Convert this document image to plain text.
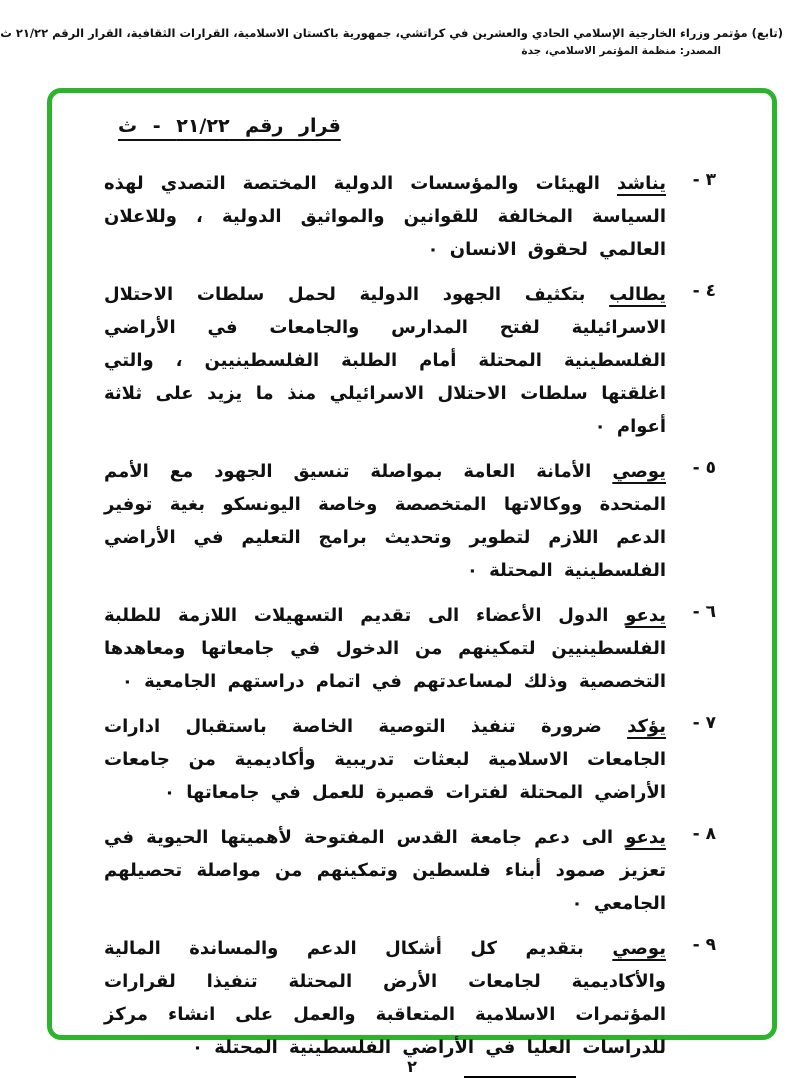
(تابع) مؤتمر وزراء الخارجية الإسلامي الحادي والعشرين في كراتشي، جمهورية باكستان الاسلامية، القرارات الثقافية، القرار الرقم ٢١/٢٢ ث
المصدر: منظمة المؤتمر الاسلامي، جدة
قرار رقم ٢١/٢٢ - ث
٣ -
يناشد الهيئات والمؤسسات الدولية المختصة التصدي لهذه السياسة المخالفة للقوانين والمواثيق الدولية ، وللاعلان العالمي لحقوق الانسان ٠
٤ -
يطالب بتكثيف الجهود الدولية لحمل سلطات الاحتلال الاسرائيلية لفتح المدارس والجامعات في الأراضي الفلسطينية المحتلة أمام الطلبة الفلسطينيين ، والتي اغلقتها سلطات الاحتلال الاسرائيلي منذ ما يزيد على ثلاثة أعوام ٠
٥ -
يوصي الأمانة العامة بمواصلة تنسيق الجهود مع الأمم المتحدة ووكالاتها المتخصصة وخاصة اليونسكو بغية توفير الدعم اللازم لتطوير وتحديث برامج التعليم في الأراضي الفلسطينية المحتلة ٠
٦ -
يدعو الدول الأعضاء الى تقديم التسهيلات اللازمة للطلبة الفلسطينيين لتمكينهم من الدخول في جامعاتها ومعاهدها التخصصية وذلك لمساعدتهم في اتمام دراستهم الجامعية ٠
٧ -
يؤكد ضرورة تنفيذ التوصية الخاصة باستقبال ادارات الجامعات الاسلامية لبعثات تدريبية وأكاديمية من جامعات الأراضي المحتلة لفترات قصيرة للعمل في جامعاتها ٠
٨ -
يدعو الى دعم جامعة القدس المفتوحة لأهميتها الحيوية في تعزيز صمود أبناء فلسطين وتمكينهم من مواصلة تحصيلهم الجامعي ٠
٩ -
يوصي بتقديم كل أشكال الدعم والمساندة المالية والأكاديمية لجامعات الأرض المحتلة تنفيذا لقرارات المؤتمرات الاسلامية المتعاقبة والعمل على انشاء مركز للدراسات العليا في الأراضي الفلسطينية المحتلة ٠
٢
